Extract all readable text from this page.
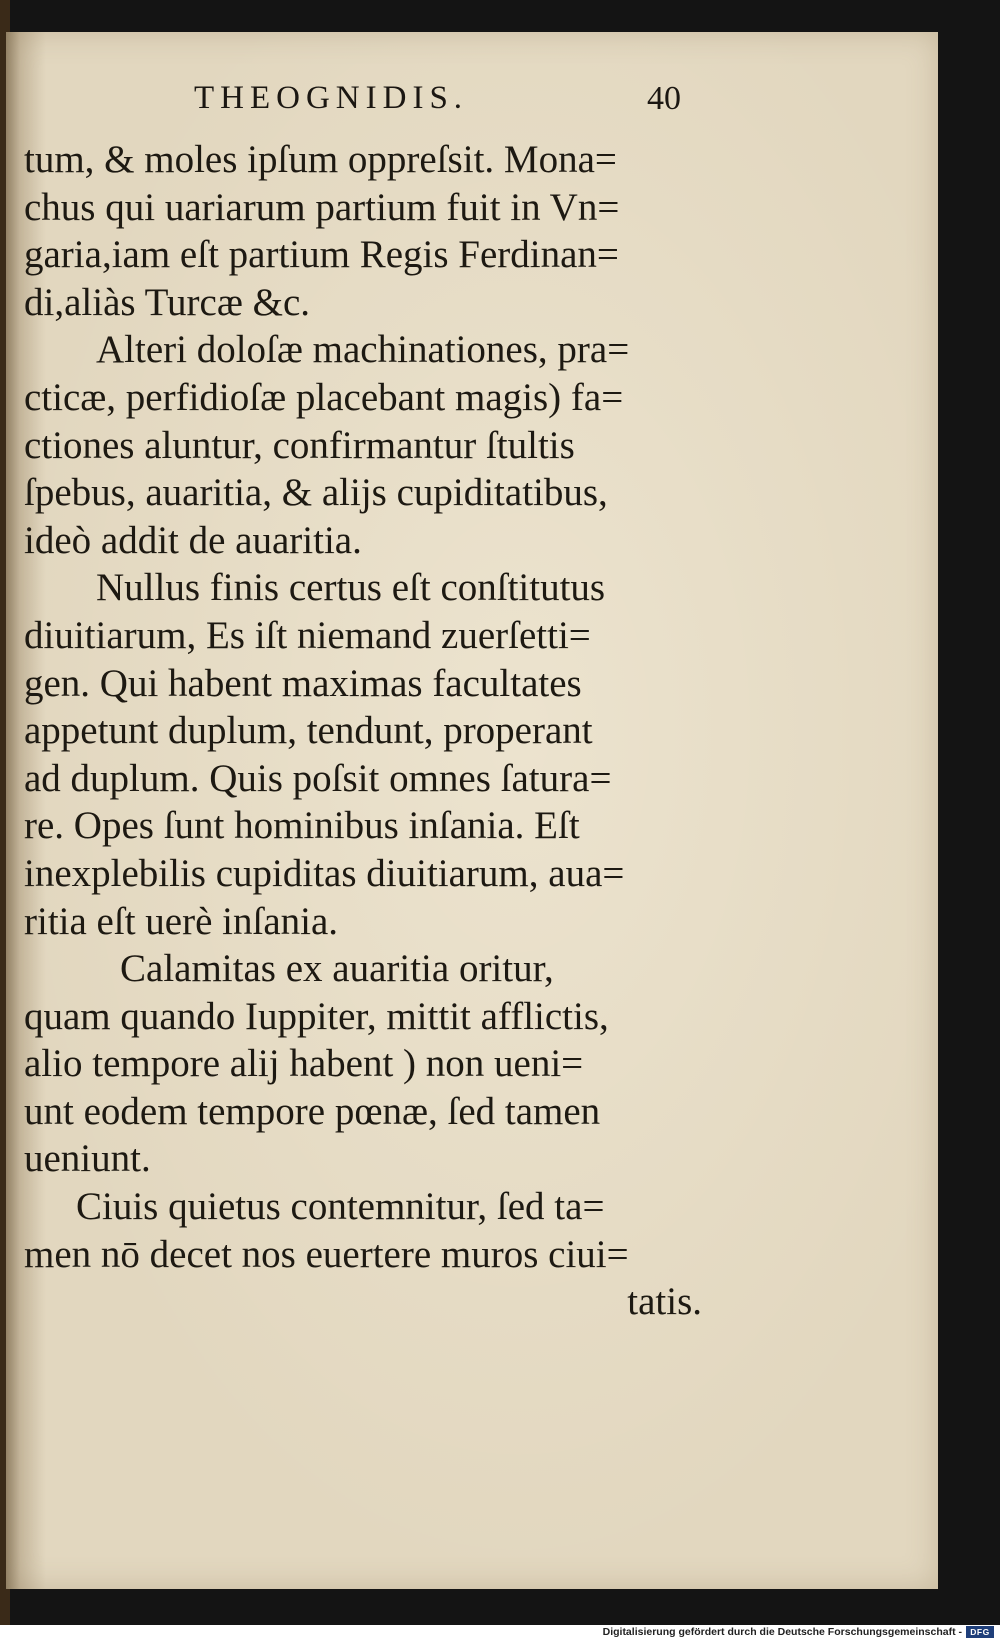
THEOGNIDIS.	40
tum, & moles ipſum oppreſsit. Mona=
chus qui uariarum partium fuit in Vn=
garia,iam eſt partium Regis Ferdinan=
di,aliàs Turcæ &c.
Alteri doloſæ machinationes, pra=
cticæ, perfidioſæ placebant magis) fa=
ctiones aluntur, confirmantur ſtultis
ſpebus, auaritia, & aliјs cupiditatibus,
ideò addit de auaritia.
Nullus finis certus eſt conſtitutus
diuitiarum, Es iſt niemand zuerſetti=
gen. Qui habent maximas facultates
appetunt duplum, tendunt, properant
ad duplum. Quis poſsit omnes ſatura=
re. Opes ſunt hominibus inſania. Eſt
inexplebilis cupiditas diuitiarum, aua=
ritia eſt uerè inſania.
Calamitas ex auaritia oritur,
quam quando Iuppiter, mittit afflictis,
alio tempore aliј habent ) non ueni=
unt eodem tempore pœnæ, ſed tamen
ueniunt.
Ciuis quietus contemnitur, ſed ta=
men nō decet nos euertere muros ciui=
tatis.
Digitalisierung gefördert durch die Deutsche Forschungsgemeinschaft - DFG
